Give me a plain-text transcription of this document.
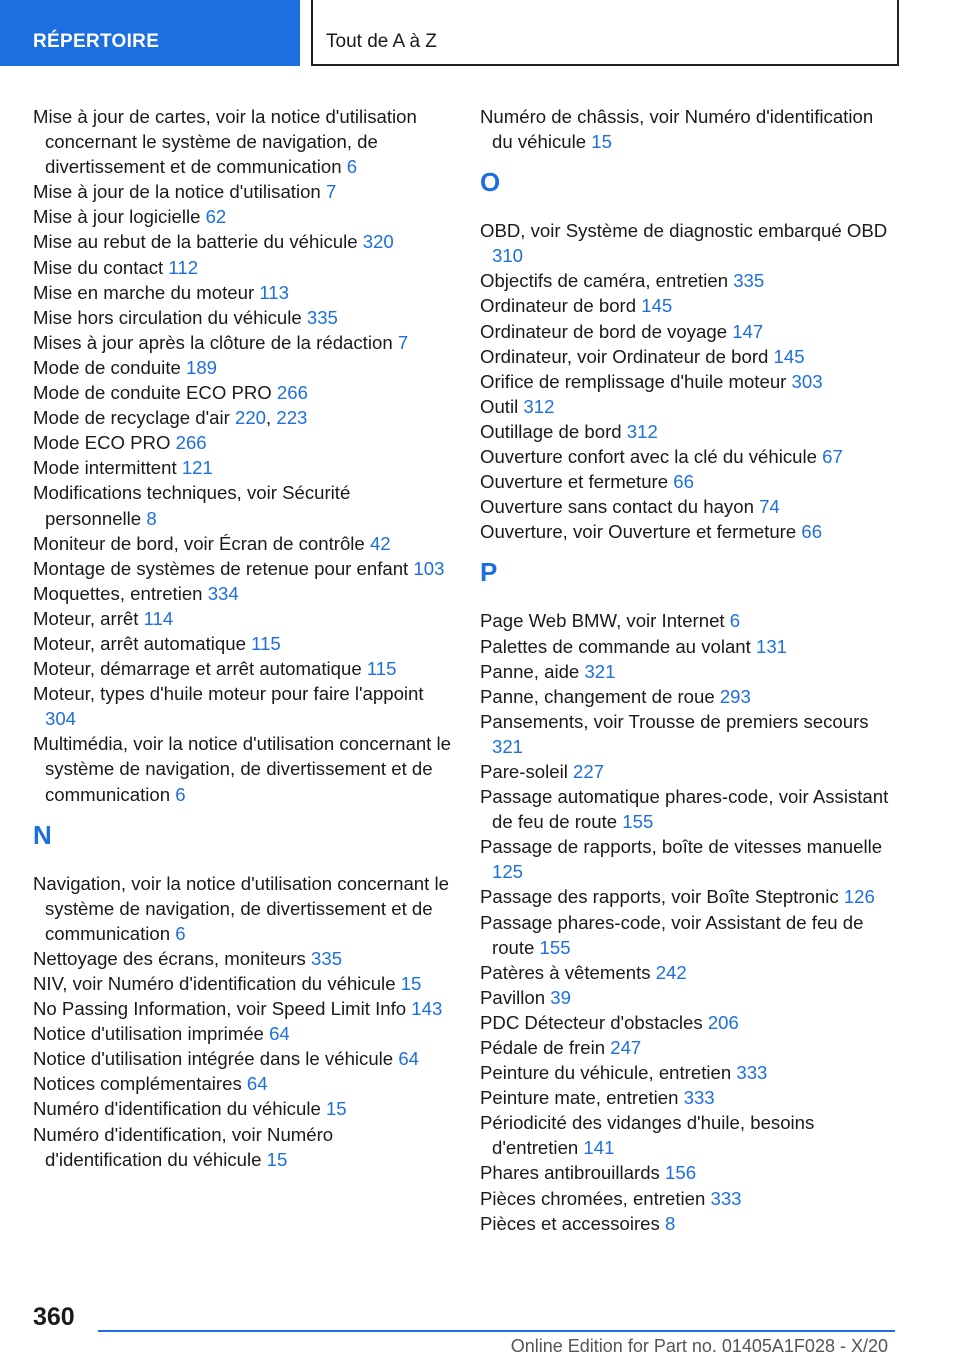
RÉPERTOIRE	Tout de A à Z
Mise à jour de cartes, voir la notice d'utilisation concernant le système de navigation, de divertissement et de communication 6
Mise à jour de la notice d'utilisation 7
Mise à jour logicielle 62
Mise au rebut de la batterie du véhicule 320
Mise du contact 112
Mise en marche du moteur 113
Mise hors circulation du véhicule 335
Mises à jour après la clôture de la rédaction 7
Mode de conduite 189
Mode de conduite ECO PRO 266
Mode de recyclage d'air 220, 223
Mode ECO PRO 266
Mode intermittent 121
Modifications techniques, voir Sécurité personnelle 8
Moniteur de bord, voir Écran de contrôle 42
Montage de systèmes de retenue pour enfant 103
Moquettes, entretien 334
Moteur, arrêt 114
Moteur, arrêt automatique 115
Moteur, démarrage et arrêt automatique 115
Moteur, types d'huile moteur pour faire l'appoint 304
Multimédia, voir la notice d'utilisation concernant le système de navigation, de divertissement et de communication 6
N
Navigation, voir la notice d'utilisation concernant le système de navigation, de divertissement et de communication 6
Nettoyage des écrans, moniteurs 335
NIV, voir Numéro d'identification du véhicule 15
No Passing Information, voir Speed Limit Info 143
Notice d'utilisation imprimée 64
Notice d'utilisation intégrée dans le véhicule 64
Notices complémentaires 64
Numéro d'identification du véhicule 15
Numéro d'identification, voir Numéro d'identification du véhicule 15
Numéro de châssis, voir Numéro d'identification du véhicule 15
O
OBD, voir Système de diagnostic embarqué OBD 310
Objectifs de caméra, entretien 335
Ordinateur de bord 145
Ordinateur de bord de voyage 147
Ordinateur, voir Ordinateur de bord 145
Orifice de remplissage d'huile moteur 303
Outil 312
Outillage de bord 312
Ouverture confort avec la clé du véhicule 67
Ouverture et fermeture 66
Ouverture sans contact du hayon 74
Ouverture, voir Ouverture et fermeture 66
P
Page Web BMW, voir Internet 6
Palettes de commande au volant 131
Panne, aide 321
Panne, changement de roue 293
Pansements, voir Trousse de premiers secours 321
Pare-soleil 227
Passage automatique phares-code, voir Assistant de feu de route 155
Passage de rapports, boîte de vitesses manuelle 125
Passage des rapports, voir Boîte Steptronic 126
Passage phares-code, voir Assistant de feu de route 155
Patères à vêtements 242
Pavillon 39
PDC Détecteur d'obstacles 206
Pédale de frein 247
Peinture du véhicule, entretien 333
Peinture mate, entretien 333
Périodicité des vidanges d'huile, besoins d'entretien 141
Phares antibrouillards 156
Pièces chromées, entretien 333
Pièces et accessoires 8
360
Online Edition for Part no. 01405A1F028 - X/20
